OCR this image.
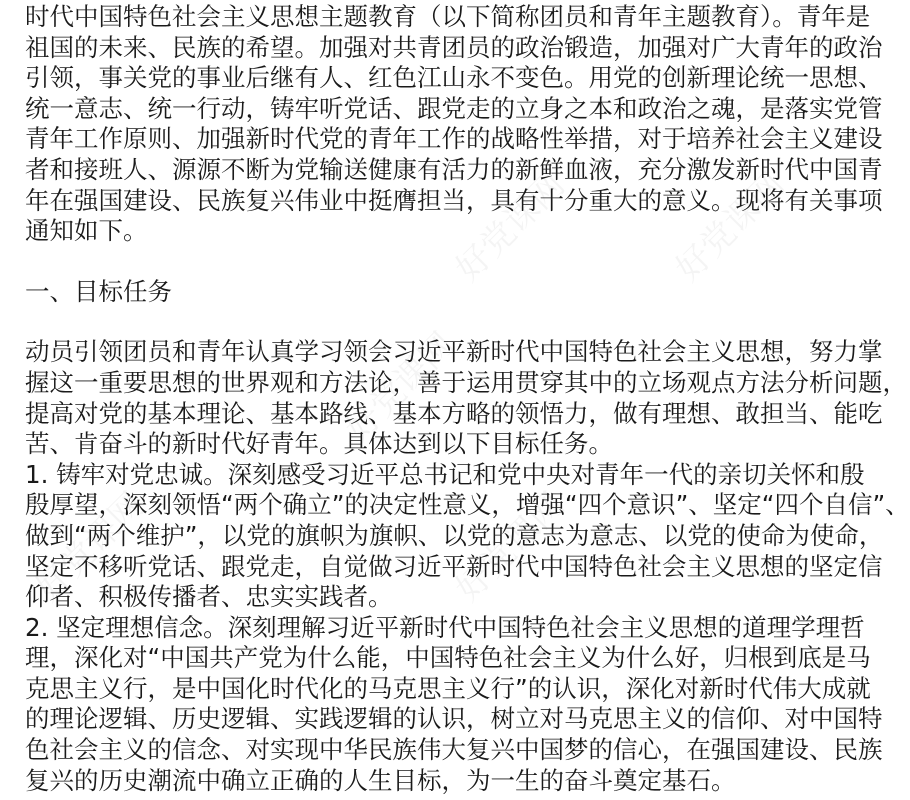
时代中国特色社会主义思想主题教育（以下简称团员和青年主题教育）。青年是
祖国的未来、民族的希望。加强对共青团员的政治锻造，加强对广大青年的政治
引领，事关党的事业后继有人、红色江山永不变色。用党的创新理论统一思想、
统一意志、统一行动，铸牢听党话、跟党走的立身之本和政治之魂，是落实党管
青年工作原则、加强新时代党的青年工作的战略性举措，对于培养社会主义建设
者和接班人、源源不断为党输送健康有活力的新鲜血液，充分激发新时代中国青
年在强国建设、民族复兴伟业中挺膺担当，具有十分重大的意义。现将有关事项
通知如下。
一、目标任务
动员引领团员和青年认真学习领会习近平新时代中国特色社会主义思想，努力掌
握这一重要思想的世界观和方法论，善于运用贯穿其中的立场观点方法分析问题，
提高对党的基本理论、基本路线、基本方略的领悟力，做有理想、敢担当、能吃
苦、肯奋斗的新时代好青年。具体达到以下目标任务。
1. 铸牢对党忠诚。深刻感受习近平总书记和党中央对青年一代的亲切关怀和殷
殷厚望，深刻领悟“两个确立”的决定性意义，增强“四个意识”、坚定“四个自信”、
做到“两个维护”，以党的旗帜为旗帜、以党的意志为意志、以党的使命为使命，
坚定不移听党话、跟党走，自觉做习近平新时代中国特色社会主义思想的坚定信
仰者、积极传播者、忠实实践者。
2. 坚定理想信念。深刻理解习近平新时代中国特色社会主义思想的道理学理哲
理，深化对“中国共产党为什么能，中国特色社会主义为什么好，归根到底是马
克思主义行，是中国化时代化的马克思主义行”的认识，深化对新时代伟大成就
的理论逻辑、历史逻辑、实践逻辑的认识，树立对马克思主义的信仰、对中国特
色社会主义的信念、对实现中华民族伟大复兴中国梦的信心，在强国建设、民族
复兴的历史潮流中确立正确的人生目标，为一生的奋斗奠定基石。
